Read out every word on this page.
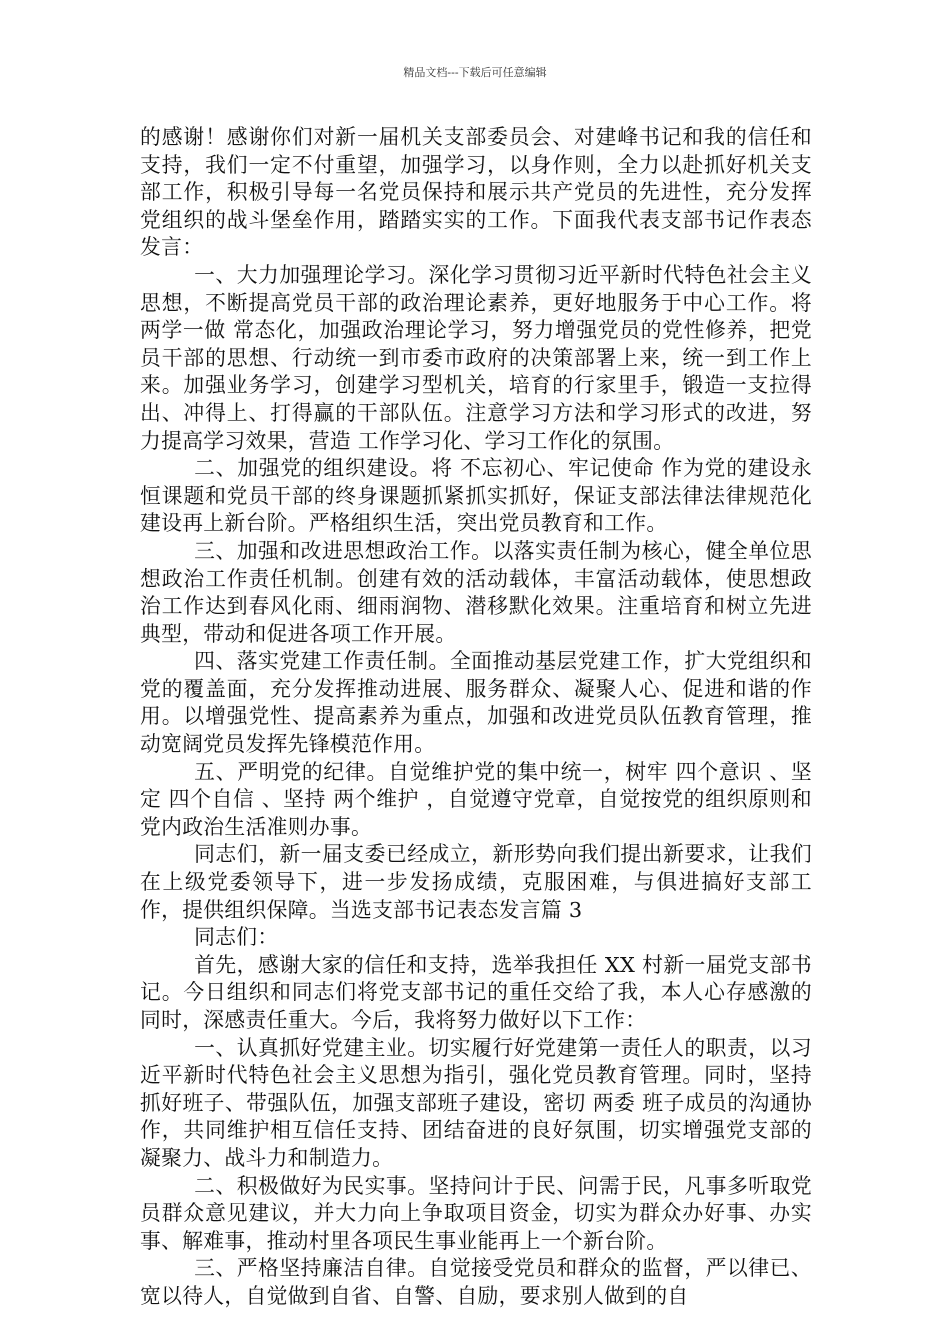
精品文档---下载后可任意编辑

的感谢！感谢你们对新一届机关支部委员会、对建峰书记和我的信任和支持，我们一定不付重望，加强学习，以身作则，全力以赴抓好机关支部工作，积极引导每一名党员保持和展示共产党员的先进性，充分发挥党组织的战斗堡垒作用，踏踏实实的工作。下面我代表支部书记作表态发言：

一、大力加强理论学习。深化学习贯彻习近平新时代特色社会主义思想，不断提高党员干部的政治理论素养，更好地服务于中心工作。将 两学一做 常态化，加强政治理论学习，努力增强党员的党性修养，把党员干部的思想、行动统一到市委市政府的决策部署上来，统一到工作上来。加强业务学习，创建学习型机关，培育的行家里手，锻造一支拉得出、冲得上、打得赢的干部队伍。注意学习方法和学习形式的改进，努力提高学习效果，营造 工作学习化、学习工作化的氛围。

二、加强党的组织建设。将 不忘初心、牢记使命 作为党的建设永恒课题和党员干部的终身课题抓紧抓实抓好，保证支部法律法律规范化建设再上新台阶。严格组织生活，突出党员教育和工作。

三、加强和改进思想政治工作。以落实责任制为核心，健全单位思想政治工作责任机制。创建有效的活动载体，丰富活动载体，使思想政治工作达到春风化雨、细雨润物、潜移默化效果。注重培育和树立先进典型，带动和促进各项工作开展。

四、落实党建工作责任制。全面推动基层党建工作，扩大党组织和党的覆盖面，充分发挥推动进展、服务群众、凝聚人心、促进和谐的作用。以增强党性、提高素养为重点，加强和改进党员队伍教育管理，推动宽阔党员发挥先锋模范作用。

五、严明党的纪律。自觉维护党的集中统一，树牢 四个意识 、坚定 四个自信 、坚持 两个维护 ，自觉遵守党章，自觉按党的组织原则和党内政治生活准则办事。

同志们，新一届支委已经成立，新形势向我们提出新要求，让我们在上级党委领导下，进一步发扬成绩，克服困难，与俱进搞好支部工作，提供组织保障。当选支部书记表态发言篇 3

同志们：

首先，感谢大家的信任和支持，选举我担任 XX 村新一届党支部书记。今日组织和同志们将党支部书记的重任交给了我，本人心存感激的同时，深感责任重大。今后，我将努力做好以下工作：

一、认真抓好党建主业。切实履行好党建第一责任人的职责，以习近平新时代特色社会主义思想为指引，强化党员教育管理。同时，坚持抓好班子、带强队伍，加强支部班子建设，密切 两委 班子成员的沟通协作，共同维护相互信任支持、团结奋进的良好氛围，切实增强党支部的凝聚力、战斗力和制造力。

二、积极做好为民实事。坚持问计于民、问需于民，凡事多听取党员群众意见建议，并大力向上争取项目资金，切实为群众办好事、办实事、解难事，推动村里各项民生事业能再上一个新台阶。

三、严格坚持廉洁自律。自觉接受党员和群众的监督，严以律已、宽以待人，自觉做到自省、自警、自励，要求别人做到的自
